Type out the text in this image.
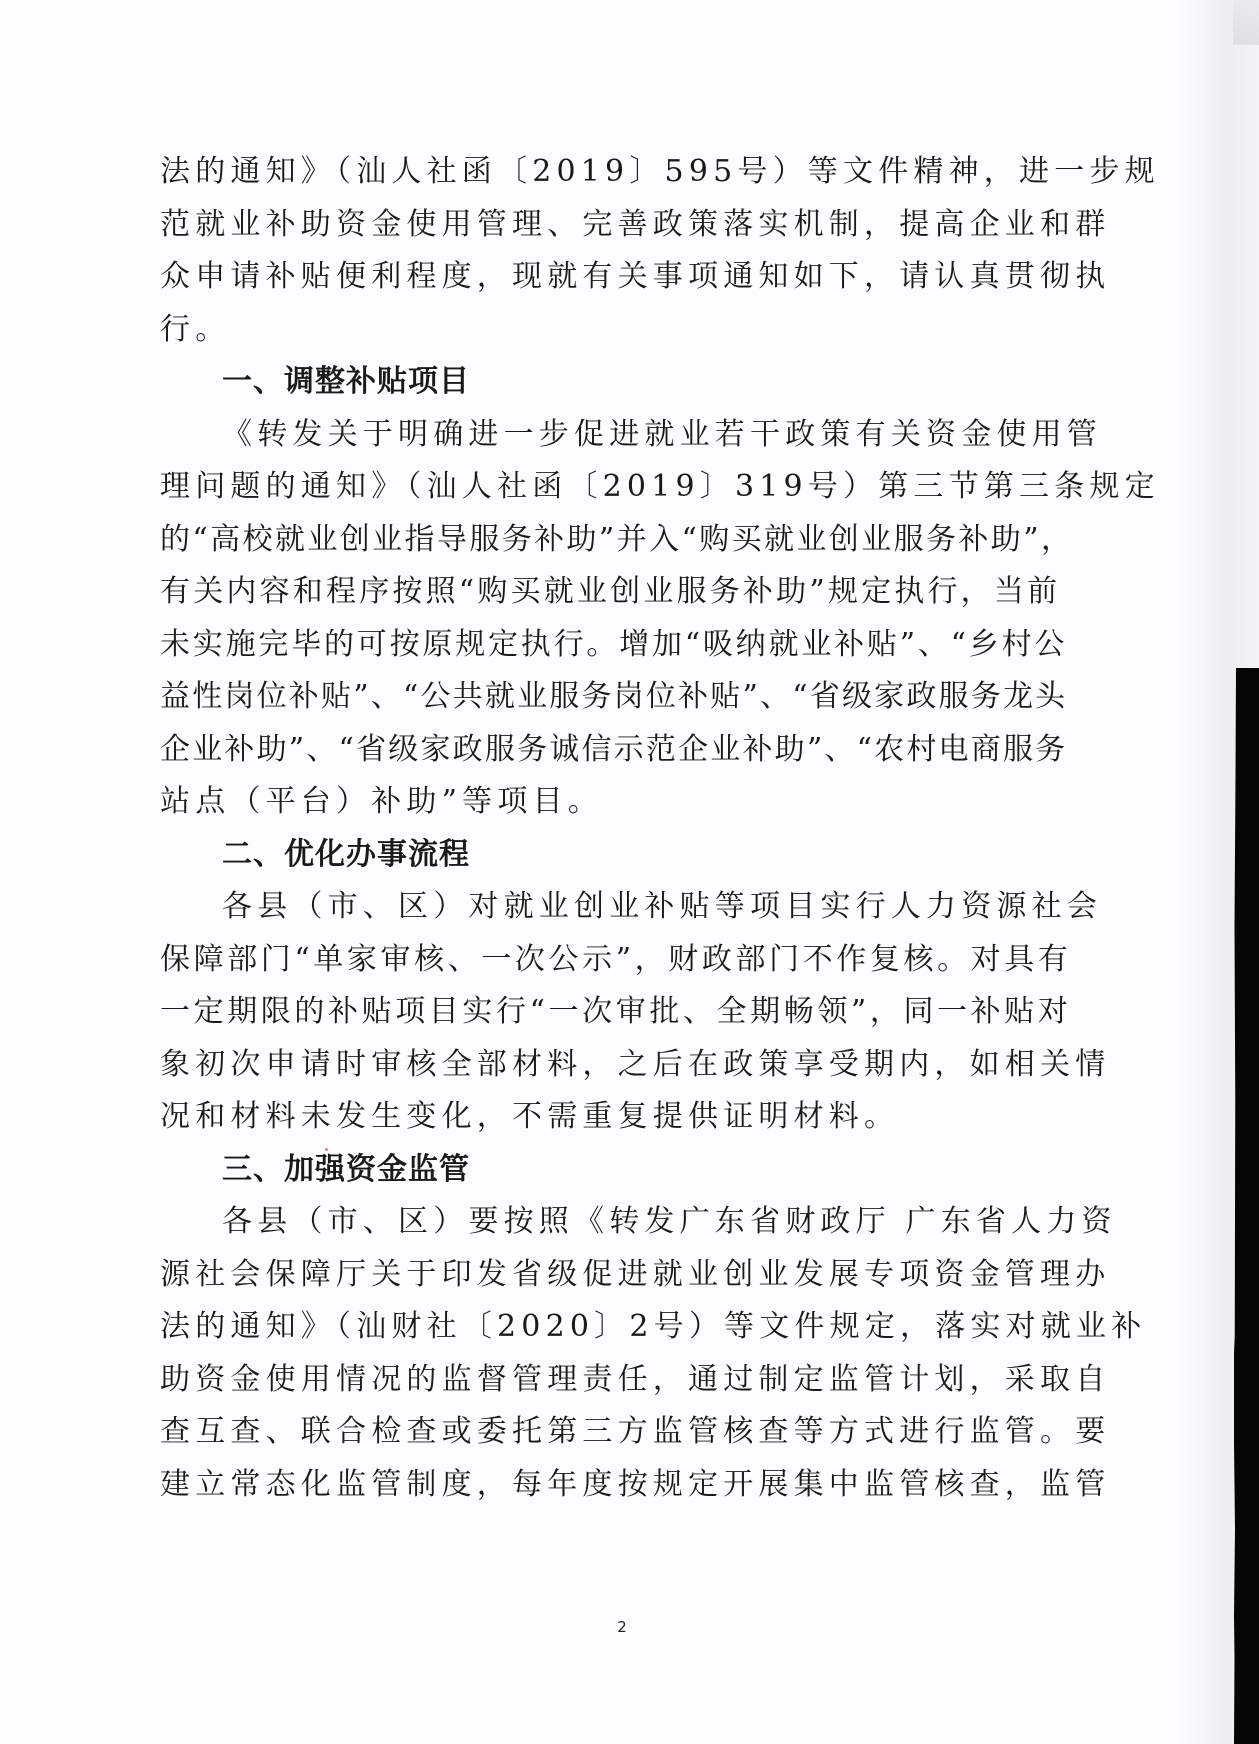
法的通知》（汕人社函〔2019〕595号）等文件精神，进一步规
范就业补助资金使用管理、完善政策落实机制，提高企业和群
众申请补贴便利程度，现就有关事项通知如下，请认真贯彻执
行。
一、调整补贴项目
《转发关于明确进一步促进就业若干政策有关资金使用管
理问题的通知》（汕人社函〔2019〕319号）第三节第三条规定
的“高校就业创业指导服务补助”并入“购买就业创业服务补助”，
有关内容和程序按照“购买就业创业服务补助”规定执行，当前
未实施完毕的可按原规定执行。增加“吸纳就业补贴”、“乡村公
益性岗位补贴”、“公共就业服务岗位补贴”、“省级家政服务龙头
企业补助”、“省级家政服务诚信示范企业补助”、“农村电商服务
站点（平台）补助”等项目。
二、优化办事流程
各县（市、区）对就业创业补贴等项目实行人力资源社会
保障部门“单家审核、一次公示”，财政部门不作复核。对具有
一定期限的补贴项目实行“一次审批、全期畅领”，同一补贴对
象初次申请时审核全部材料，之后在政策享受期内，如相关情
况和材料未发生变化，不需重复提供证明材料。
三、加强资金监管
各县（市、区）要按照《转发广东省财政厅 广东省人力资
源社会保障厅关于印发省级促进就业创业发展专项资金管理办
法的通知》（汕财社〔2020〕2号）等文件规定，落实对就业补
助资金使用情况的监督管理责任，通过制定监管计划，采取自
查互查、联合检查或委托第三方监管核查等方式进行监管。要
建立常态化监管制度，每年度按规定开展集中监管核查，监管
2
